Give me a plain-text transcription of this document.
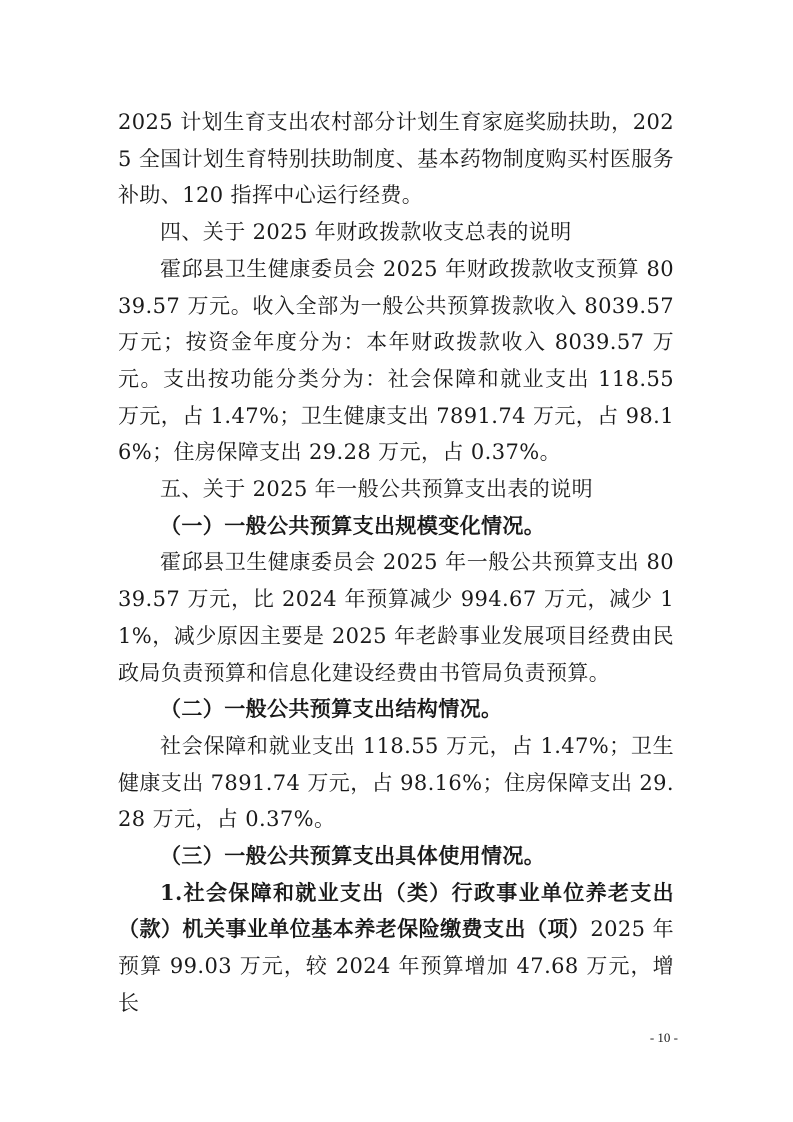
2025 计划生育支出农村部分计划生育家庭奖励扶助，2025 全国计划生育特别扶助制度、基本药物制度购买村医服务补助、120 指挥中心运行经费。

四、关于 2025 年财政拨款收支总表的说明

霍邱县卫生健康委员会 2025 年财政拨款收支预算 8039.57 万元。收入全部为一般公共预算拨款收入 8039.57 万元；按资金年度分为：本年财政拨款收入 8039.57 万元。支出按功能分类分为：社会保障和就业支出 118.55 万元，占 1.47%；卫生健康支出 7891.74 万元，占 98.16%；住房保障支出 29.28 万元，占 0.37%。

五、关于 2025 年一般公共预算支出表的说明

（一）一般公共预算支出规模变化情况。

霍邱县卫生健康委员会 2025 年一般公共预算支出 8039.57 万元，比 2024 年预算减少 994.67 万元，减少 11%，减少原因主要是 2025 年老龄事业发展项目经费由民政局负责预算和信息化建设经费由书管局负责预算。

（二）一般公共预算支出结构情况。

社会保障和就业支出 118.55 万元，占 1.47%；卫生健康支出 7891.74 万元，占 98.16%；住房保障支出 29.28 万元，占 0.37%。

（三）一般公共预算支出具体使用情况。

1.社会保障和就业支出（类）行政事业单位养老支出（款）机关事业单位基本养老保险缴费支出（项）2025 年预算 99.03 万元，较 2024 年预算增加 47.68 万元，增长

- 10 -
